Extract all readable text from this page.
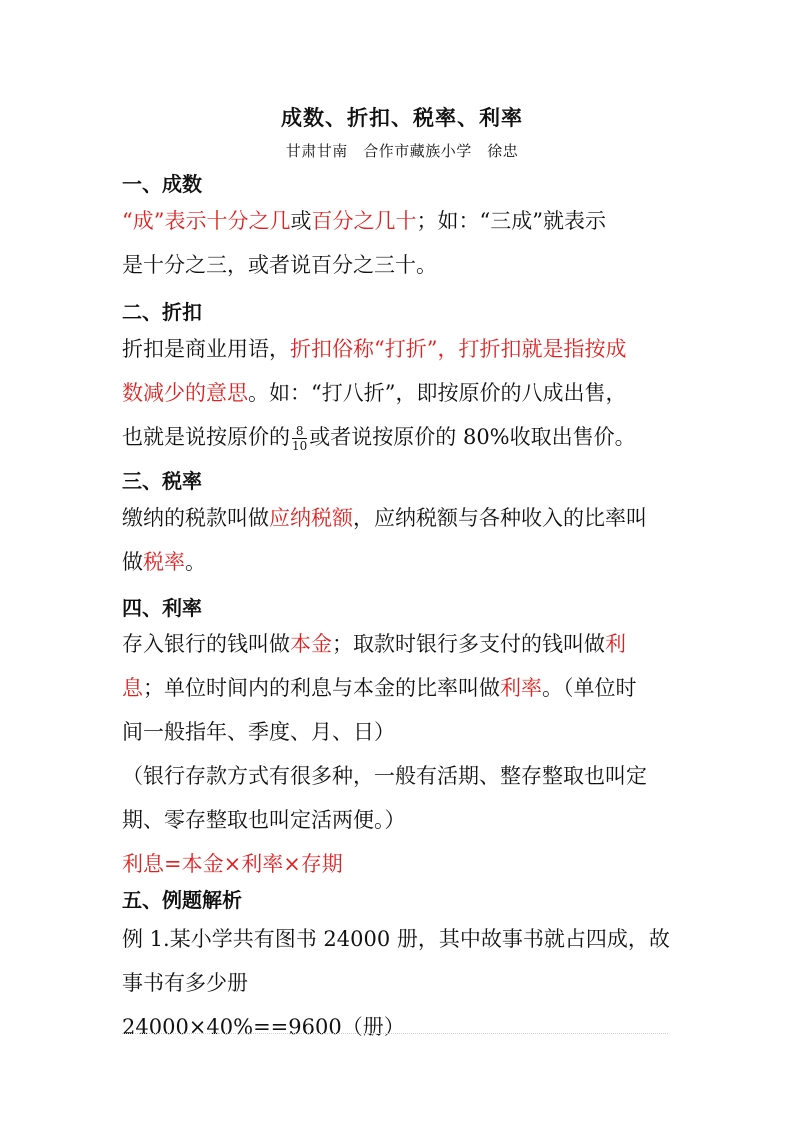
成数、折扣、税率、利率
甘肃甘南　合作市藏族小学　徐忠
一、成数

“成”表示十分之几或百分之几十；如：“三成”就表示

是十分之三，或者说百分之三十。

二、折扣

折扣是商业用语，折扣俗称“打折”，打折扣就是指按成

数减少的意思。如：“打八折”，即按原价的八成出售，

也就是说按原价的 $\frac{8}{10}$ 或者说按原价的 80%收取出售价。

三、税率

缴纳的税款叫做应纳税额，应纳税额与各种收入的比率叫

做税率。

四、利率

存入银行的钱叫做本金；取款时银行多支付的钱叫做利

息；单位时间内的利息与本金的比率叫做利率。（单位时

间一般指年、季度、月、日）

（银行存款方式有很多种，一般有活期、整存整取也叫定

期、零存整取也叫定活两便。）

利息=本金×利率×存期

五、例题解析

例 1.某小学共有图书 24000 册，其中故事书就占四成，故

事书有多少册

24000×40%==9600（册）
